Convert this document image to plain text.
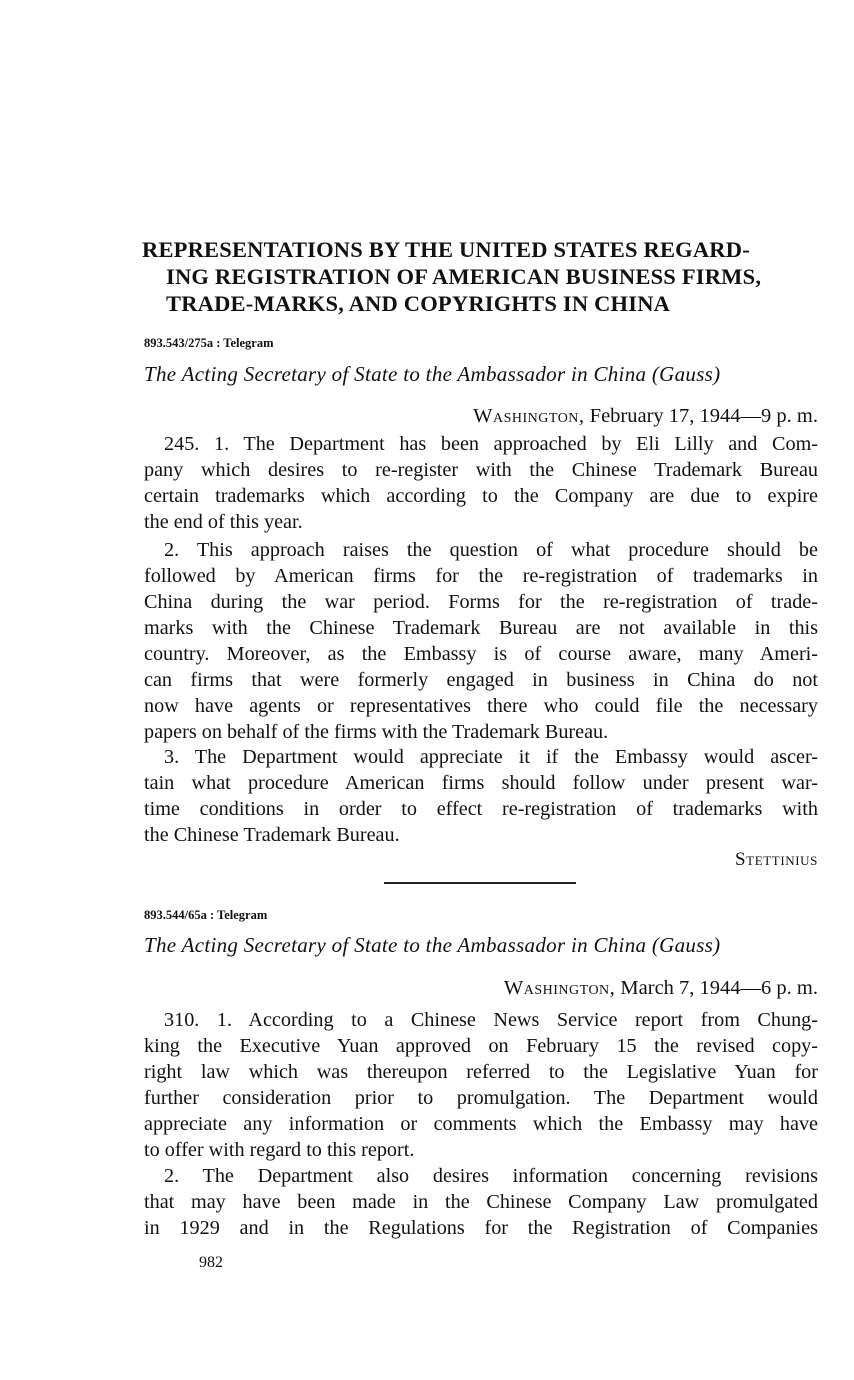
REPRESENTATIONS BY THE UNITED STATES REGARD-
ING REGISTRATION OF AMERICAN BUSINESS FIRMS,
TRADE-MARKS, AND COPYRIGHTS IN CHINA
893.543/275a : Telegram
The Acting Secretary of State to the Ambassador in China (Gauss)
Washington, February 17, 1944—9 p. m.
245. 1. The Department has been approached by Eli Lilly and Com-
pany which desires to re-register with the Chinese Trademark Bureau
certain trademarks which according to the Company are due to expire
the end of this year.
2. This approach raises the question of what procedure should be
followed by American firms for the re-registration of trademarks in
China during the war period. Forms for the re-registration of trade-
marks with the Chinese Trademark Bureau are not available in this
country. Moreover, as the Embassy is of course aware, many Ameri-
can firms that were formerly engaged in business in China do not
now have agents or representatives there who could file the necessary
papers on behalf of the firms with the Trademark Bureau.
3. The Department would appreciate it if the Embassy would ascer-
tain what procedure American firms should follow under present war-
time conditions in order to effect re-registration of trademarks with
the Chinese Trademark Bureau.
Stettinius
893.544/65a : Telegram
The Acting Secretary of State to the Ambassador in China (Gauss)
Washington, March 7, 1944—6 p. m.
310. 1. According to a Chinese News Service report from Chung-
king the Executive Yuan approved on February 15 the revised copy-
right law which was thereupon referred to the Legislative Yuan for
further consideration prior to promulgation. The Department would
appreciate any information or comments which the Embassy may have
to offer with regard to this report.
2. The Department also desires information concerning revisions
that may have been made in the Chinese Company Law promulgated
in 1929 and in the Regulations for the Registration of Companies
982
